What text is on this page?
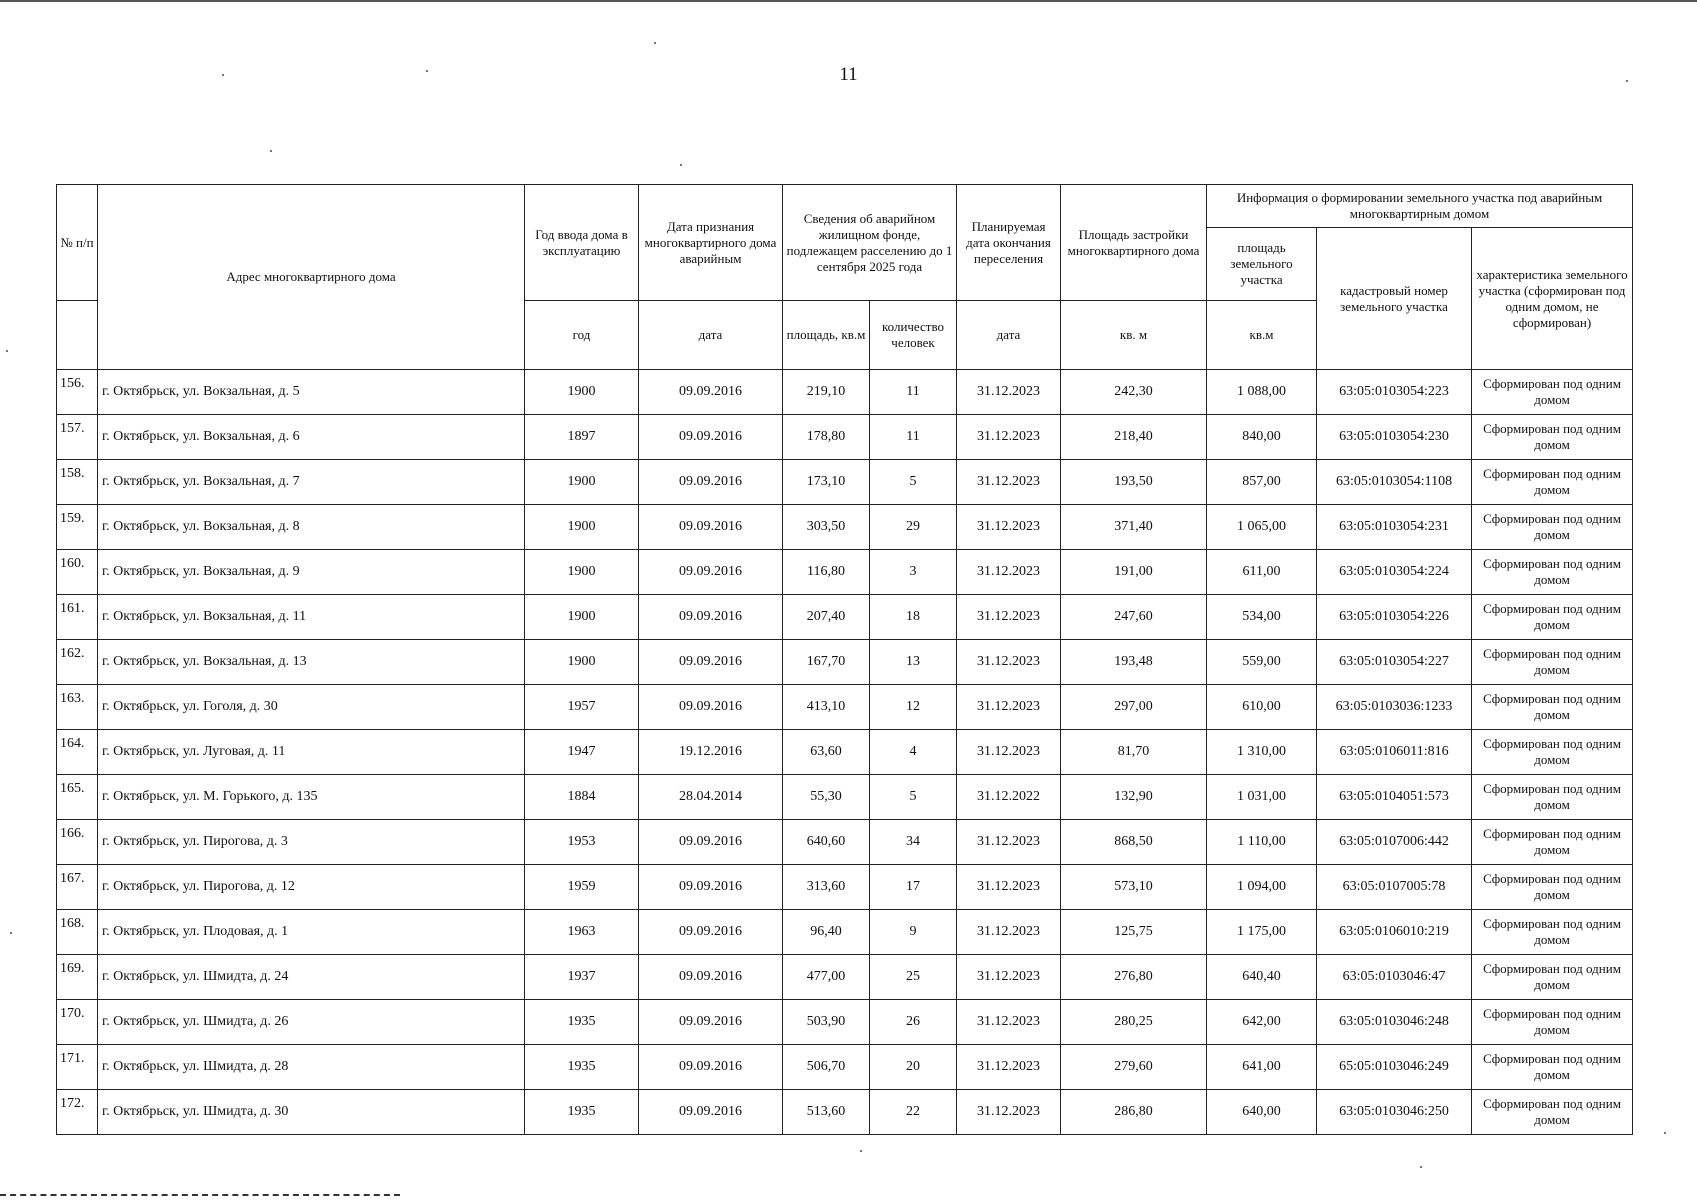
11
№ п/п	Адрес многоквартирного дома	Год ввода дома в эксплуатацию	Дата признания многоквартирного дома аварийным	Сведения об аварийном жилищном фонде, подлежащем расселению до 1 сентября 2025 года		Планируемая дата окончания переселения	Площадь застройки многоквартирного дома	Информация о формировании земельного участка под аварийным многоквартирным домом		
								площадь земельного участка	кадастровый номер земельного участка	характеристика земельного участка (сформирован под одним домом, не сформирован)
		год	дата	площадь, кв.м	количество человек	дата	кв. м	кв.м		
156.	г. Октябрьск, ул. Вокзальная, д. 5	1900	09.09.2016	219,10	11	31.12.2023	242,30	1 088,00	63:05:0103054:223	Сформирован под одним домом
157.	г. Октябрьск, ул. Вокзальная, д. 6	1897	09.09.2016	178,80	11	31.12.2023	218,40	840,00	63:05:0103054:230	Сформирован под одним домом
158.	г. Октябрьск, ул. Вокзальная, д. 7	1900	09.09.2016	173,10	5	31.12.2023	193,50	857,00	63:05:0103054:1108	Сформирован под одним домом
159.	г. Октябрьск, ул. Вокзальная, д. 8	1900	09.09.2016	303,50	29	31.12.2023	371,40	1 065,00	63:05:0103054:231	Сформирован под одним домом
160.	г. Октябрьск, ул. Вокзальная, д. 9	1900	09.09.2016	116,80	3	31.12.2023	191,00	611,00	63:05:0103054:224	Сформирован под одним домом
161.	г. Октябрьск, ул. Вокзальная, д. 11	1900	09.09.2016	207,40	18	31.12.2023	247,60	534,00	63:05:0103054:226	Сформирован под одним домом
162.	г. Октябрьск, ул. Вокзальная, д. 13	1900	09.09.2016	167,70	13	31.12.2023	193,48	559,00	63:05:0103054:227	Сформирован под одним домом
163.	г. Октябрьск, ул. Гоголя, д. 30	1957	09.09.2016	413,10	12	31.12.2023	297,00	610,00	63:05:0103036:1233	Сформирован под одним домом
164.	г. Октябрьск, ул. Луговая, д. 11	1947	19.12.2016	63,60	4	31.12.2023	81,70	1 310,00	63:05:0106011:816	Сформирован под одним домом
165.	г. Октябрьск, ул. М. Горького, д. 135	1884	28.04.2014	55,30	5	31.12.2022	132,90	1 031,00	63:05:0104051:573	Сформирован под одним домом
166.	г. Октябрьск, ул. Пирогова, д. 3	1953	09.09.2016	640,60	34	31.12.2023	868,50	1 110,00	63:05:0107006:442	Сформирован под одним домом
167.	г. Октябрьск, ул. Пирогова, д. 12	1959	09.09.2016	313,60	17	31.12.2023	573,10	1 094,00	63:05:0107005:78	Сформирован под одним домом
168.	г. Октябрьск, ул. Плодовая, д. 1	1963	09.09.2016	96,40	9	31.12.2023	125,75	1 175,00	63:05:0106010:219	Сформирован под одним домом
169.	г. Октябрьск, ул. Шмидта, д. 24	1937	09.09.2016	477,00	25	31.12.2023	276,80	640,40	63:05:0103046:47	Сформирован под одним домом
170.	г. Октябрьск, ул. Шмидта, д. 26	1935	09.09.2016	503,90	26	31.12.2023	280,25	642,00	63:05:0103046:248	Сформирован под одним домом
171.	г. Октябрьск, ул. Шмидта, д. 28	1935	09.09.2016	506,70	20	31.12.2023	279,60	641,00	65:05:0103046:249	Сформирован под одним домом
172.	г. Октябрьск, ул. Шмидта, д. 30	1935	09.09.2016	513,60	22	31.12.2023	286,80	640,00	63:05:0103046:250	Сформирован под одним домом
